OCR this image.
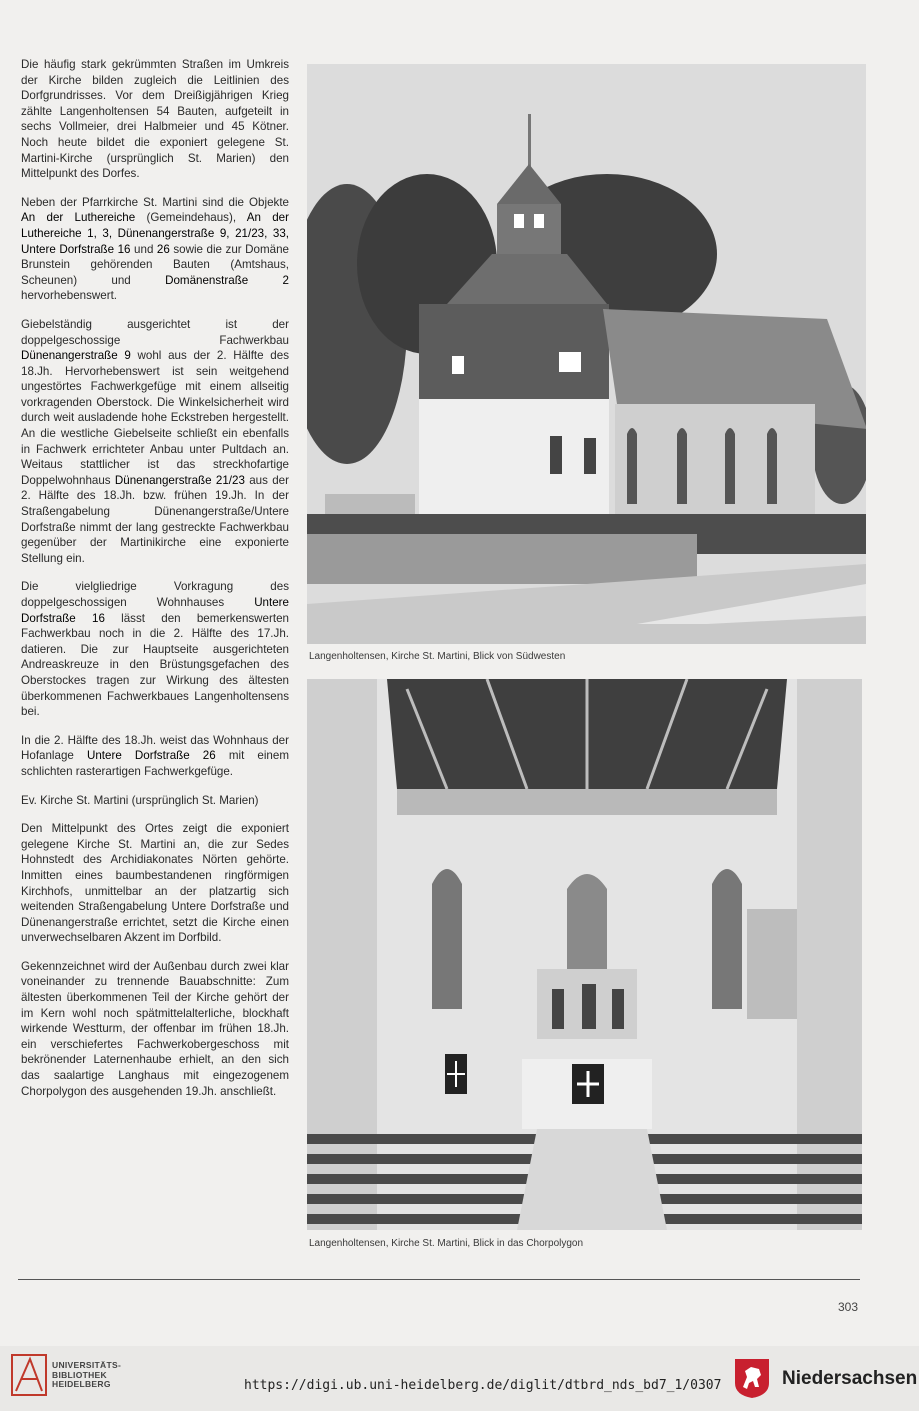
Die häufig stark gekrümmten Straßen im Umkreis der Kirche bilden zugleich die Leitlinien des Dorfgrundrisses. Vor dem Dreißigjährigen Krieg zählte Langenholtensen 54 Bauten, aufgeteilt in sechs Vollmeier, drei Halbmeier und 45 Kötner. Noch heute bildet die exponiert gelegene St. Martini-Kirche (ursprünglich St. Marien) den Mittelpunkt des Dorfes.

Neben der Pfarrkirche St. Martini sind die Objekte An der Luthereiche (Gemeindehaus), An der Luthereiche 1, 3, Dünenangerstraße 9, 21/23, 33, Untere Dorfstraße 16 und 26 sowie die zur Domäne Brunstein gehörenden Bauten (Amtshaus, Scheunen) und Domänenstraße 2 hervorhebenswert.

Giebelständig ausgerichtet ist der doppelgeschossige Fachwerkbau Dünenangerstraße 9 wohl aus der 2. Hälfte des 18.Jh. Hervorhebenswert ist sein weitgehend ungestörtes Fachwerkgefüge mit einem allseitig vorkragenden Oberstock. Die Winkelsicherheit wird durch weit ausladende hohe Eckstreben hergestellt. An die westliche Giebelseite schließt ein ebenfalls in Fachwerk errichteter Anbau unter Pultdach an. Weitaus stattlicher ist das streckhofartige Doppelwohnhaus Dünenangerstraße 21/23 aus der 2. Hälfte des 18.Jh. bzw. frühen 19.Jh. In der Straßengabelung Dünenangerstraße/Untere Dorfstraße nimmt der lang gestreckte Fachwerkbau gegenüber der Martinikirche eine exponierte Stellung ein.

Die vielgliedrige Vorkragung des doppelgeschossigen Wohnhauses Untere Dorfstraße 16 lässt den bemerkenswerten Fachwerkbau noch in die 2. Hälfte des 17.Jh. datieren. Die zur Hauptseite ausgerichteten Andreaskreuze in den Brüstungsgefachen des Oberstockes tragen zur Wirkung des ältesten überkommenen Fachwerkbaues Langenholtensens bei.

In die 2. Hälfte des 18.Jh. weist das Wohnhaus der Hofanlage Untere Dorfstraße 26 mit einem schlichten rasterartigen Fachwerkgefüge.

Ev. Kirche St. Martini (ursprünglich St. Marien)

Den Mittelpunkt des Ortes zeigt die exponiert gelegene Kirche St. Martini an, die zur Sedes Hohnstedt des Archidiakonates Nörten gehörte. Inmitten eines baumbestandenen ringförmigen Kirchhofs, unmittelbar an der platzartig sich weitenden Straßengabelung Untere Dorfstraße und Dünenangerstraße errichtet, setzt die Kirche einen unverwechselbaren Akzent im Dorfbild.

Gekennzeichnet wird der Außenbau durch zwei klar voneinander zu trennende Bauabschnitte: Zum ältesten überkommenen Teil der Kirche gehört der im Kern wohl noch spätmittelalterliche, blockhaft wirkende Westturm, der offenbar im frühen 18.Jh. ein verschiefertes Fachwerkobergeschoss mit bekrönender Laternenhaube erhielt, an den sich das saalartige Langhaus mit eingezogenem Chorpolygon des ausgehenden 19.Jh. anschließt.

Langenholtensen, Kirche St. Martini, Blick von Südwesten
Langenholtensen, Kirche St. Martini, Blick in das Chorpolygon
303
UNIVERSITÄTS-
BIBLIOTHEK
HEIDELBERG	https://digi.ub.uni-heidelberg.de/diglit/dtbrd_nds_bd7_1/0307	Niedersachsen
